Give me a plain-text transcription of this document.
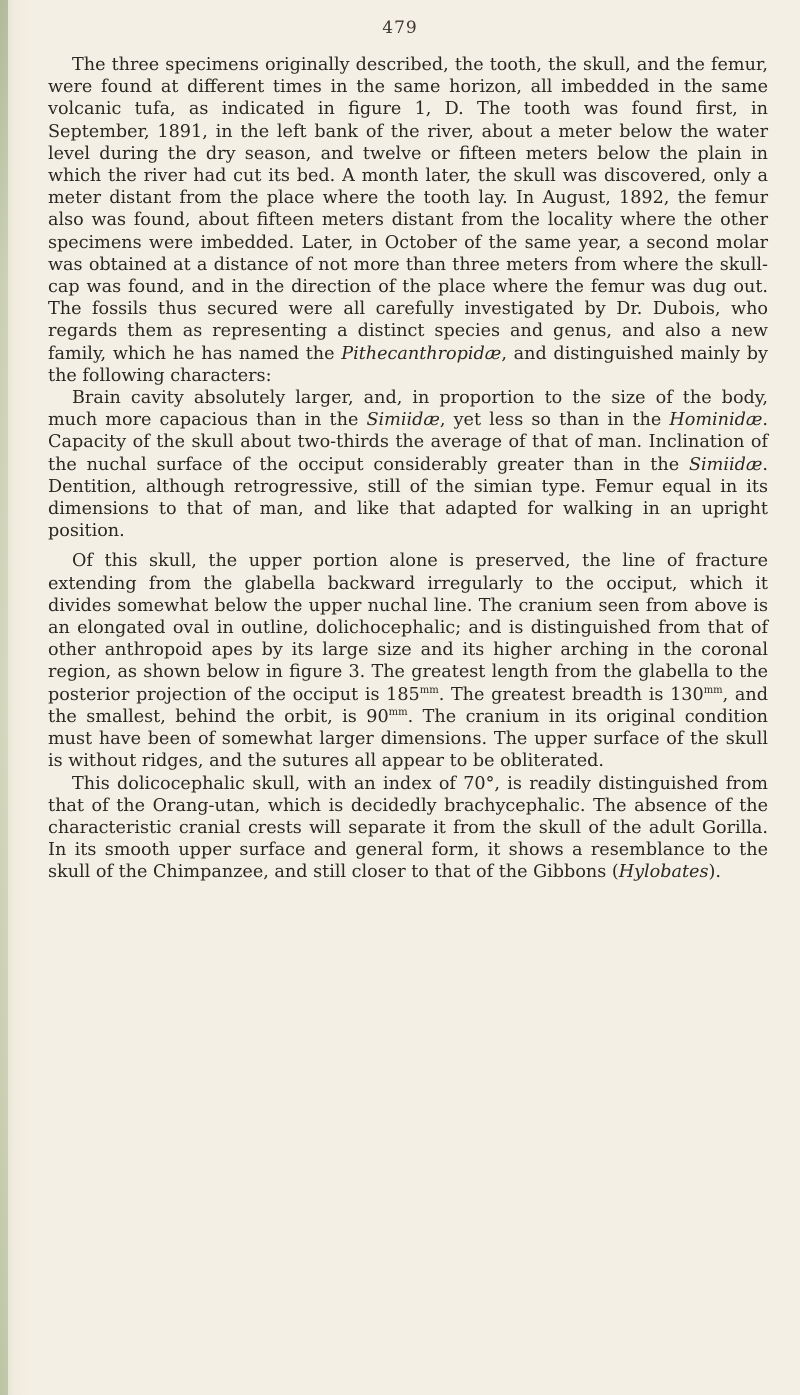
479

The three specimens originally described, the tooth, the skull, and the femur, were found at different times in the same horizon, all imbedded in the same volcanic tufa, as indicated in figure 1, D. The tooth was found first, in September, 1891, in the left bank of the river, about a meter below the water level during the dry season, and twelve or fifteen meters below the plain in which the river had cut its bed. A month later, the skull was discovered, only a meter distant from the place where the tooth lay. In August, 1892, the femur also was found, about fifteen meters distant from the locality where the other specimens were imbedded. Later, in October of the same year, a second molar was obtained at a distance of not more than three meters from where the skull-cap was found, and in the direction of the place where the femur was dug out. The fossils thus secured were all carefully investigated by Dr. Dubois, who regards them as representing a distinct species and genus, and also a new family, which he has named the Pithecanthropidæ, and distinguished mainly by the following characters:

Brain cavity absolutely larger, and, in proportion to the size of the body, much more capacious than in the Simiidæ, yet less so than in the Hominidæ. Capacity of the skull about two-thirds the average of that of man. Inclination of the nuchal surface of the occiput considerably greater than in the Simiidæ. Dentition, although retrogressive, still of the simian type. Femur equal in its dimensions to that of man, and like that adapted for walking in an upright position.

Of this skull, the upper portion alone is preserved, the line of fracture extending from the glabella backward irregularly to the occiput, which it divides somewhat below the upper nuchal line. The cranium seen from above is an elongated oval in outline, dolichocephalic; and is distinguished from that of other anthropoid apes by its large size and its higher arching in the coronal region, as shown below in figure 3. The greatest length from the glabella to the posterior projection of the occiput is $185^{mm}$. The greatest breadth is $130^{mm}$, and the smallest, behind the orbit, is $90^{mm}$. The cranium in its original condition must have been of somewhat larger dimensions. The upper surface of the skull is without ridges, and the sutures all appear to be obliterated.

This dolicocephalic skull, with an index of 70°, is readily distinguished from that of the Orang-utan, which is decidedly brachycephalic. The absence of the characteristic cranial crests will separate it from the skull of the adult Gorilla. In its smooth upper surface and general form, it shows a resemblance to the skull of the Chimpanzee, and still closer to that of the Gibbons (Hylobates).
